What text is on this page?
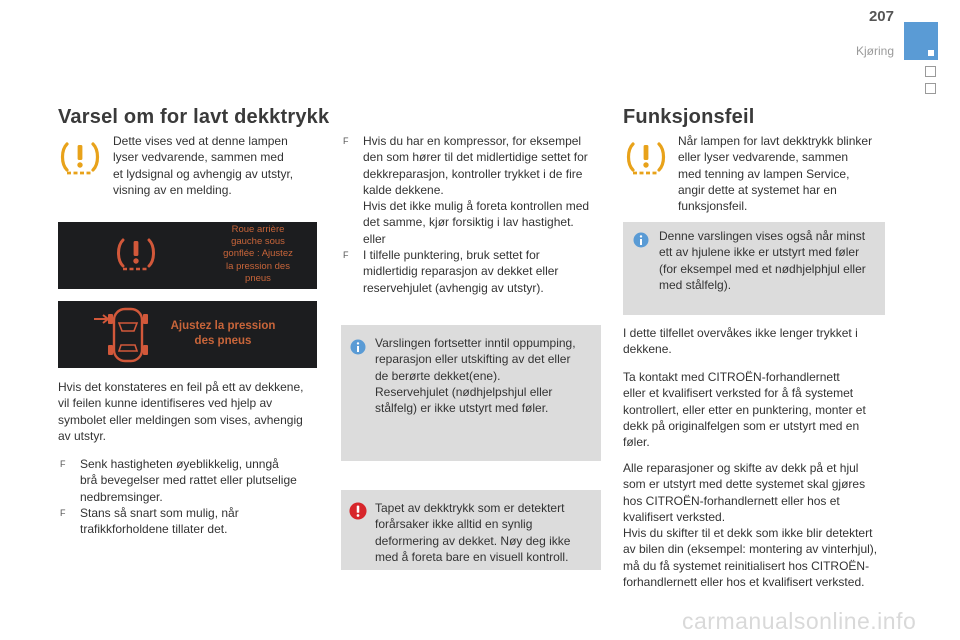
207
Kjøring
Varsel om for lavt dekktrykk
Dette vises ved at denne lampen
lyser vedvarende, sammen med
et lydsignal og avhengig av utstyr,
visning av en melding.
Roue arrière
gauche sous
gonflée : Ajustez
la pression des
pneus
Ajustez la pression
des pneus
Hvis det konstateres en feil på ett av dekkene,
vil feilen kunne identifiseres ved hjelp av
symbolet eller meldingen som vises, avhengig
av utstyr.
F Senk hastigheten øyeblikkelig, unngå
brå bevegelser med rattet eller plutselige
nedbremsinger.
F Stans så snart som mulig, når
trafikkforholdene tillater det.
F Hvis du har en kompressor, for eksempel
den som hører til det midlertidige settet for
dekkreparasjon, kontroller trykket i de fire
kalde dekkene.
Hvis det ikke mulig å foreta kontrollen med
det samme, kjør forsiktig i lav hastighet.
eller
F I tilfelle punktering, bruk settet for
midlertidig reparasjon av dekket eller
reservehjulet (avhengig av utstyr).
Varslingen fortsetter inntil oppumping,
reparasjon eller utskifting av det eller
de berørte dekket(ene).
Reservehjulet (nødhjelpshjul eller
stålfelg) er ikke utstyrt med føler.
Tapet av dekktrykk som er detektert
forårsaker ikke alltid en synlig
deformering av dekket. Nøy deg ikke
med å foreta bare en visuell kontroll.
Funksjonsfeil
Når lampen for lavt dekktrykk blinker
eller lyser vedvarende, sammen
med tenning av lampen Service,
angir dette at systemet har en
funksjonsfeil.
Denne varslingen vises også når minst
ett av hjulene ikke er utstyrt med føler
(for eksempel med et nødhjelphjul eller
med stålfelg).
I dette tilfellet overvåkes ikke lenger trykket i
dekkene.
Ta kontakt med CITROËN-forhandlernett
eller et kvalifisert verksted for å få systemet
kontrollert, eller etter en punktering, monter et
dekk på originalfelgen som er utstyrt med en
føler.
Alle reparasjoner og skifte av dekk på et hjul
som er utstyrt med dette systemet skal gjøres
hos CITROËN-forhandlernett eller hos et
kvalifisert verksted.
Hvis du skifter til et dekk som ikke blir detektert
av bilen din (eksempel: montering av vinterhjul),
må du få systemet reinitialisert hos CITROËN-
forhandlernett eller hos et kvalifisert verksted.
carmanualsonline.info
